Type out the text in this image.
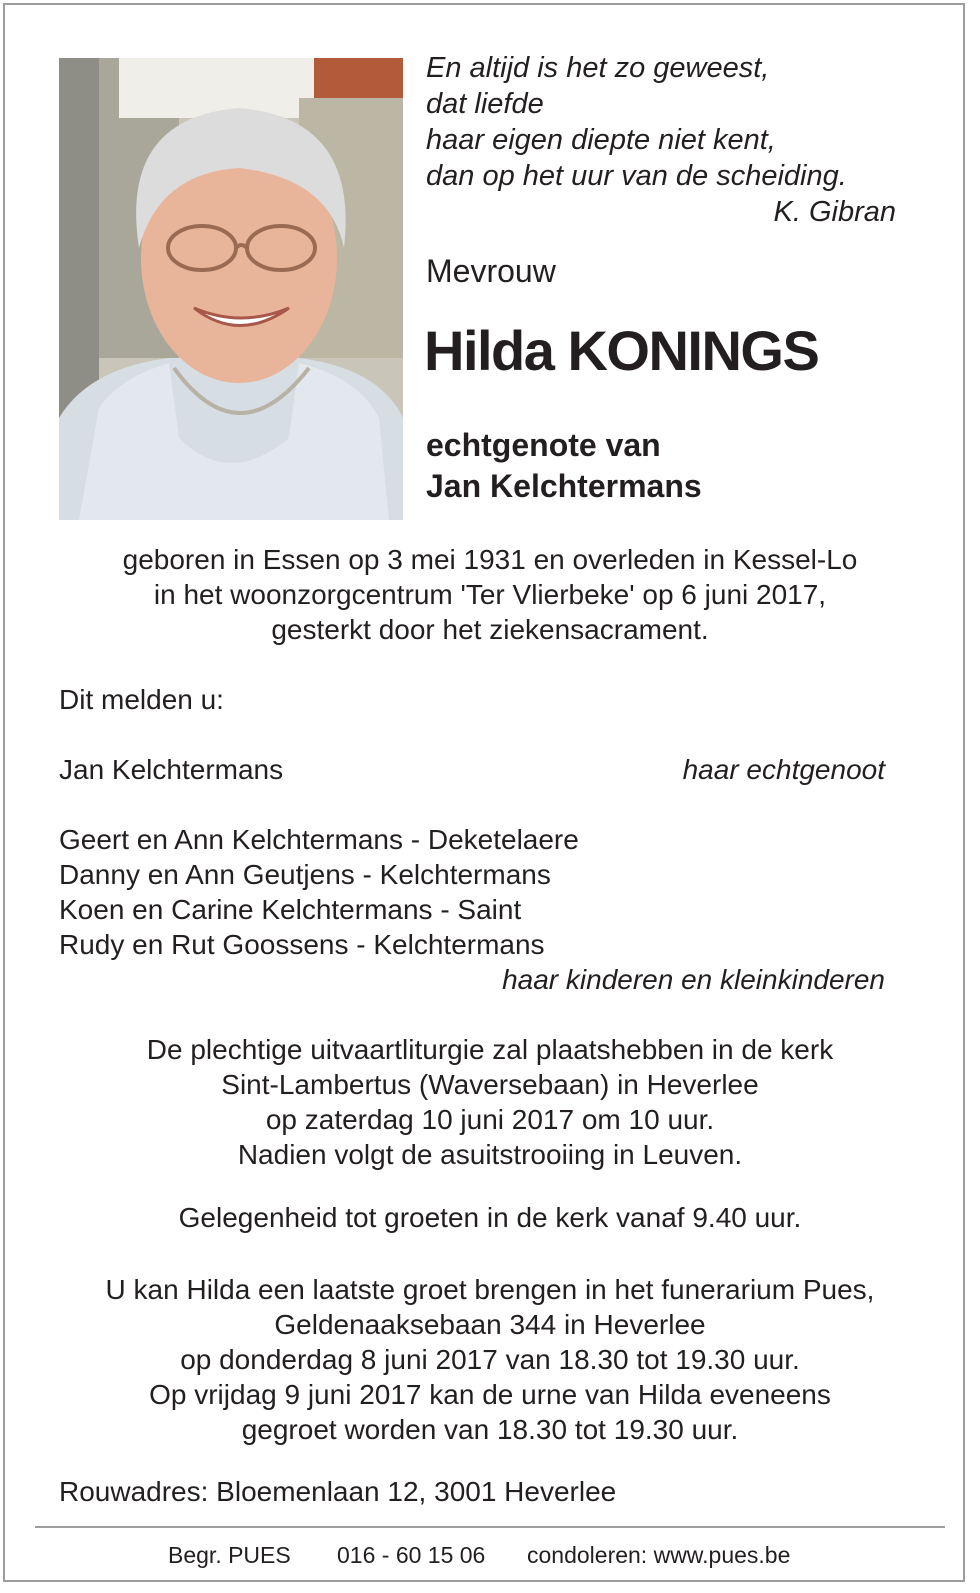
En altijd is het zo geweest,
dat liefde
haar eigen diepte niet kent,
dan op het uur van de scheiding.
K. Gibran
Mevrouw
Hilda KONINGS
echtgenote van
Jan Kelchtermans
geboren in Essen op 3 mei 1931 en overleden in Kessel-Lo
in het woonzorgcentrum 'Ter Vlierbeke' op 6 juni 2017,
gesterkt door het ziekensacrament.
Dit melden u:
Jan Kelchtermans	haar echtgenoot
Geert en Ann Kelchtermans - Deketelaere
Danny en Ann Geutjens - Kelchtermans
Koen en Carine Kelchtermans - Saint
Rudy en Rut Goossens - Kelchtermans
haar kinderen en kleinkinderen
De plechtige uitvaartliturgie zal plaatshebben in de kerk
Sint-Lambertus (Waversebaan) in Heverlee
op zaterdag 10 juni 2017 om 10 uur.
Nadien volgt de asuitstrooiing in Leuven.
Gelegenheid tot groeten in de kerk vanaf 9.40 uur.
U kan Hilda een laatste groet brengen in het funerarium Pues,
Geldenaaksebaan 344 in Heverlee
op donderdag 8 juni 2017 van 18.30 tot 19.30 uur.
Op vrijdag 9 juni 2017 kan de urne van Hilda eveneens
gegroet worden van 18.30 tot 19.30 uur.
Rouwadres: Bloemenlaan 12, 3001 Heverlee
Begr. PUES 016 - 60 15 06 condoleren: www.pues.be
